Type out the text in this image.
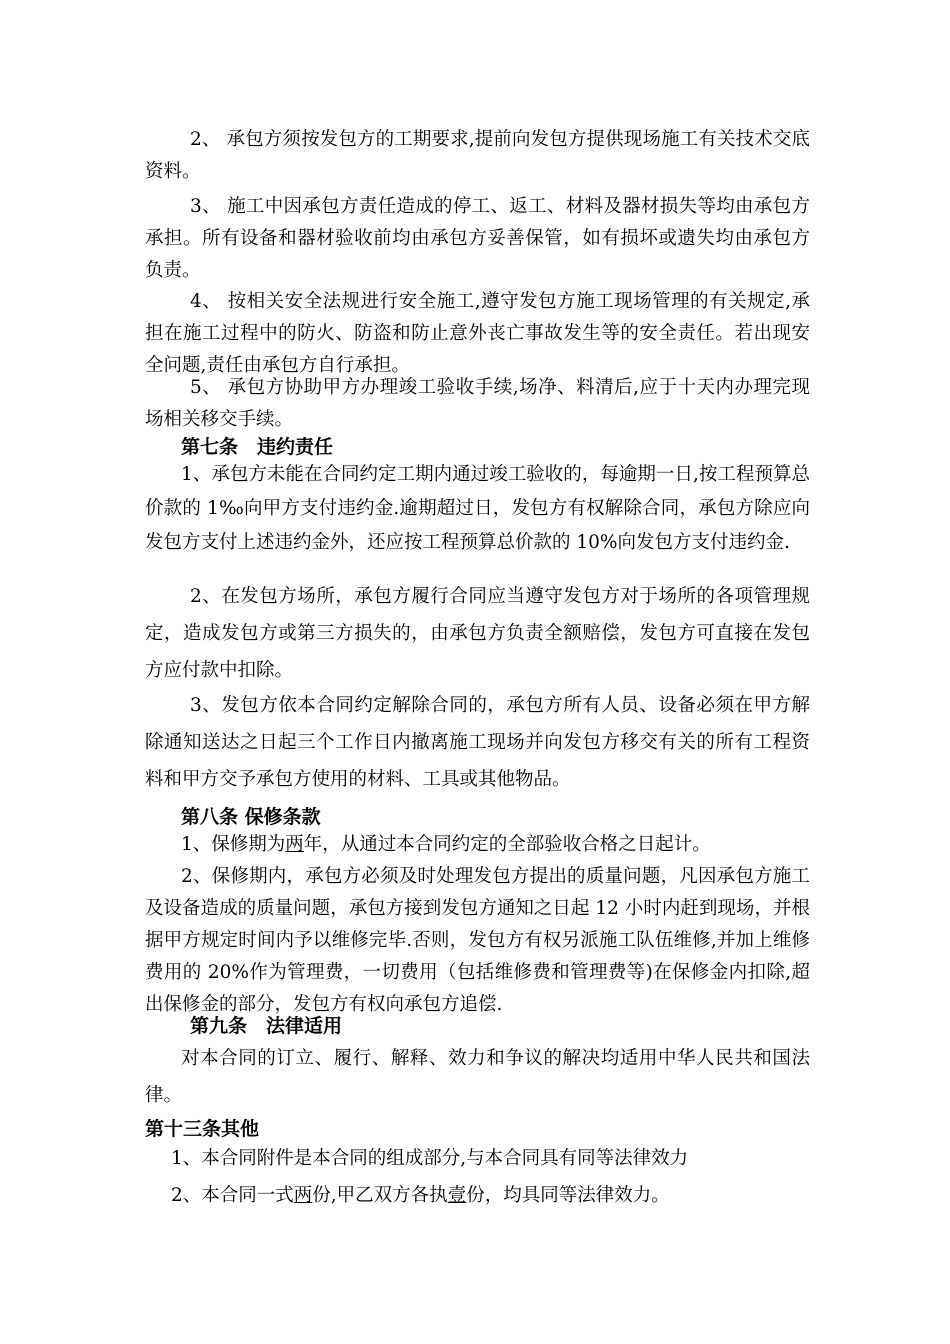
2、 承包方须按发包方的工期要求,提前向发包方提供现场施工有关技术交底资料。

3、 施工中因承包方责任造成的停工、返工、材料及器材损失等均由承包方承担。所有设备和器材验收前均由承包方妥善保管，如有损坏或遗失均由承包方负责。

4、 按相关安全法规进行安全施工,遵守发包方施工现场管理的有关规定,承担在施工过程中的防火、防盗和防止意外丧亡事故发生等的安全责任。若出现安全问题,责任由承包方自行承担。

5、 承包方协助甲方办理竣工验收手续,场净、料清后,应于十天内办理完现场相关移交手续。

第七条　违约责任

1、承包方未能在合同约定工期内通过竣工验收的，每逾期一日,按工程预算总价款的 1‰向甲方支付违约金.逾期超过日，发包方有权解除合同，承包方除应向发包方支付上述违约金外，还应按工程预算总价款的 10%向发包方支付违约金.

2、在发包方场所，承包方履行合同应当遵守发包方对于场所的各项管理规定，造成发包方或第三方损失的，由承包方负责全额赔偿，发包方可直接在发包方应付款中扣除。

3、发包方依本合同约定解除合同的，承包方所有人员、设备必须在甲方解除通知送达之日起三个工作日内撤离施工现场并向发包方移交有关的所有工程资料和甲方交予承包方使用的材料、工具或其他物品。

第八条 保修条款

1、保修期为两年，从通过本合同约定的全部验收合格之日起计。

2、保修期内，承包方必须及时处理发包方提出的质量问题，凡因承包方施工及设备造成的质量问题，承包方接到发包方通知之日起 12 小时内赶到现场，并根据甲方规定时间内予以维修完毕.否则，发包方有权另派施工队伍维修,并加上维修费用的 20%作为管理费，一切费用（包括维修费和管理费等)在保修金内扣除,超出保修金的部分，发包方有权向承包方追偿.

第九条　法律适用

对本合同的订立、履行、解释、效力和争议的解决均适用中华人民共和国法律。

第十三条其他

1、本合同附件是本合同的组成部分,与本合同具有同等法律效力

2、本合同一式两份,甲乙双方各执壹份，均具同等法律效力。
